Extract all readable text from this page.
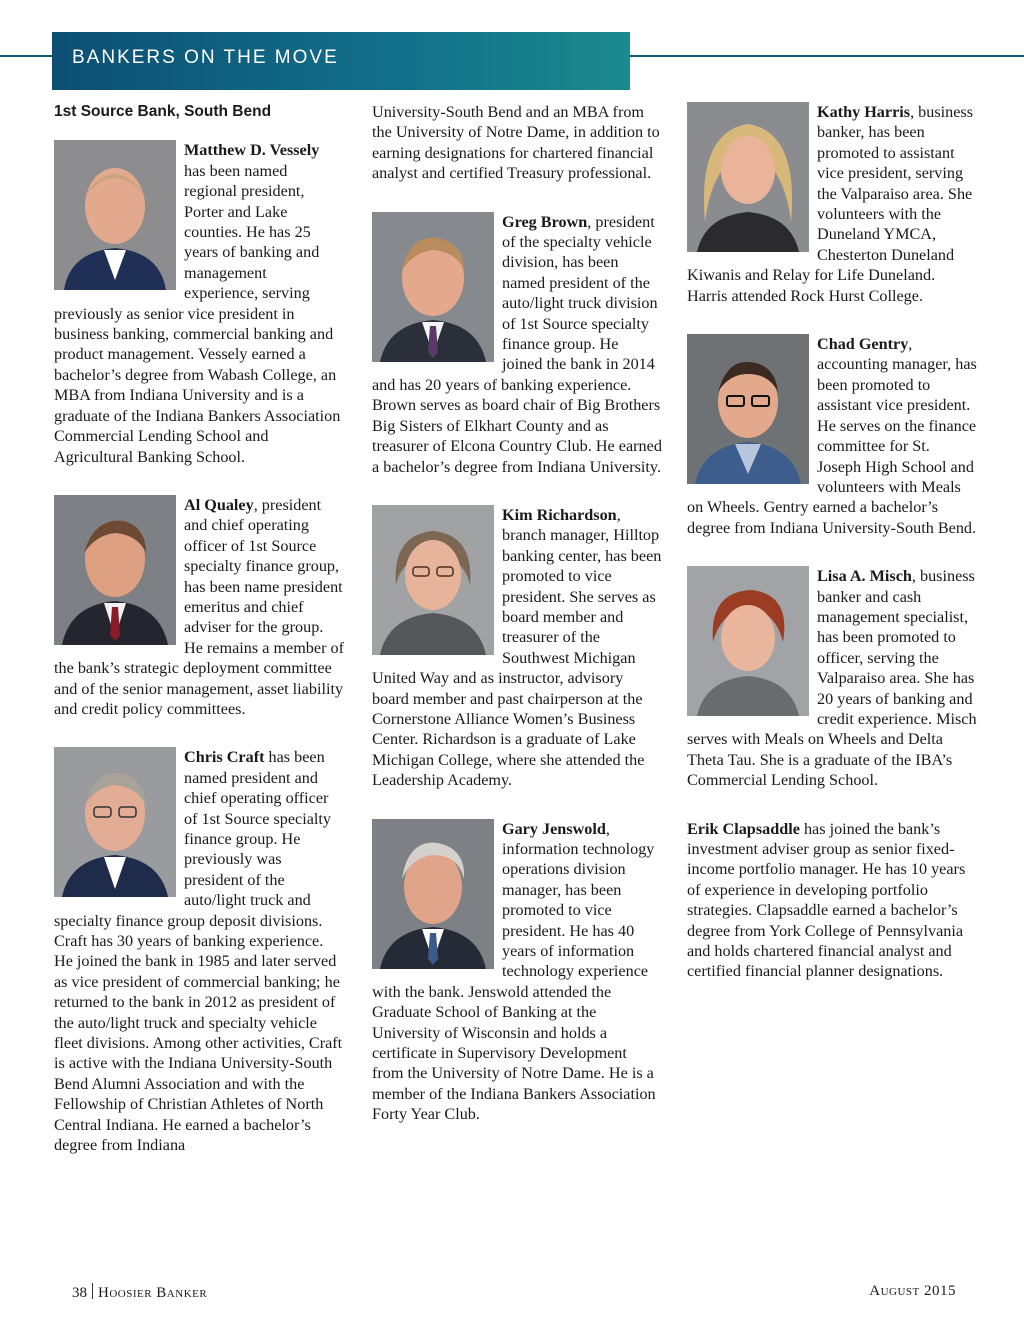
BANKERS ON THE MOVE
1st Source Bank, South Bend

Matthew D. Vessely has been named regional president, Porter and Lake counties. He has 25 years of banking and management experience, serving previously as senior vice president in business banking, commercial banking and product management. Vessely earned a bachelor’s degree from Wabash College, an MBA from Indiana University and is a graduate of the Indiana Bankers Association Commercial Lending School and Agricultural Banking School.

Al Qualey, president and chief operating officer of 1st Source specialty finance group, has been name president emeritus and chief adviser for the group. He remains a member of the bank’s strategic deployment committee and of the senior management, asset liability and credit policy committees.

Chris Craft has been named president and chief operating officer of 1st Source specialty finance group. He previously was president of the auto/light truck and specialty finance group deposit divisions. Craft has 30 years of banking experience. He joined the bank in 1985 and later served as vice president of commercial banking; he returned to the bank in 2012 as president of the auto/light truck and specialty vehicle fleet divisions. Among other activities, Craft is active with the Indiana University-South Bend Alumni Association and with the Fellowship of Christian Athletes of North Central Indiana. He earned a bachelor’s degree from Indiana

University-South Bend and an MBA from the University of Notre Dame, in addition to earning designations for chartered financial analyst and certified Treasury professional.

Greg Brown, president of the specialty vehicle division, has been named president of the auto/light truck division of 1st Source specialty finance group. He joined the bank in 2014 and has 20 years of banking experience. Brown serves as board chair of Big Brothers Big Sisters of Elkhart County and as treasurer of Elcona Country Club. He earned a bachelor’s degree from Indiana University.

Kim Richardson, branch manager, Hilltop banking center, has been promoted to vice president. She serves as board member and treasurer of the Southwest Michigan United Way and as instructor, advisory board member and past chairperson at the Cornerstone Alliance Women’s Business Center. Richardson is a graduate of Lake Michigan College, where she attended the Leadership Academy.

Gary Jenswold, information technology operations division manager, has been promoted to vice president. He has 40 years of information technology experience with the bank. Jenswold attended the Graduate School of Banking at the University of Wisconsin and holds a certificate in Supervisory Development from the University of Notre Dame. He is a member of the Indiana Bankers Association Forty Year Club.

Kathy Harris, business banker, has been promoted to assistant vice president, serving the Valparaiso area. She volunteers with the Duneland YMCA, Chesterton Duneland Kiwanis and Relay for Life Duneland. Harris attended Rock Hurst College.

Chad Gentry, accounting manager, has been promoted to assistant vice president. He serves on the finance committee for St. Joseph High School and volunteers with Meals on Wheels. Gentry earned a bachelor’s degree from Indiana University-South Bend.

Lisa A. Misch, business banker and cash management specialist, has been promoted to officer, serving the Valparaiso area. She has 20 years of banking and credit experience. Misch serves with Meals on Wheels and Delta Theta Tau. She is a graduate of the IBA’s Commercial Lending School.

Erik Clapsaddle has joined the bank’s investment adviser group as senior fixed-income portfolio manager. He has 10 years of experience in developing portfolio strategies. Clapsaddle earned a bachelor’s degree from York College of Pennsylvania and holds chartered financial analyst and certified financial planner designations.

38 Hoosier Banker	August 2015
